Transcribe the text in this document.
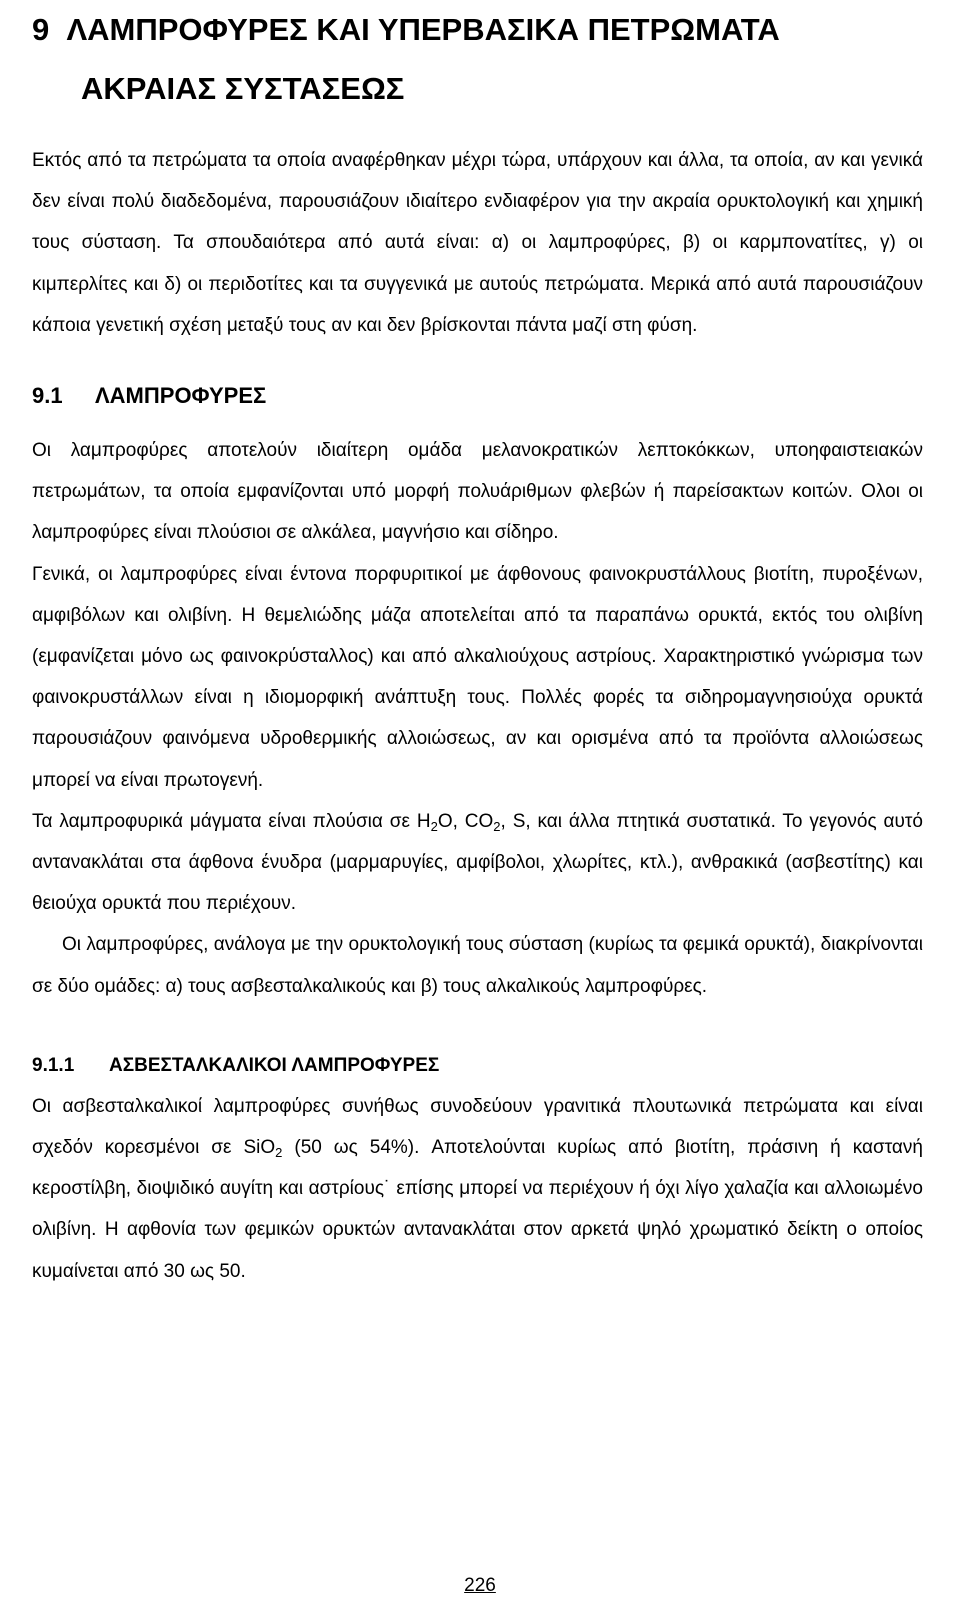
9 ΛΑΜΠΡΟΦΥΡΕΣ ΚΑΙ ΥΠΕΡΒΑΣΙΚΑ ΠΕΤΡΩΜΑΤΑ
ΑΚΡΑΙΑΣ ΣΥΣΤΑΣΕΩΣ

Εκτός από τα πετρώματα τα οποία αναφέρθηκαν μέχρι τώρα, υπάρχουν και άλλα, τα οποία, αν και γενικά δεν είναι πολύ διαδεδομένα, παρουσιάζουν ιδιαίτερο ενδιαφέρον για την ακραία ορυκτολογική και χημική τους σύσταση. Τα σπουδαιότερα από αυτά είναι: α) οι λαμπροφύρες, β) οι καρμπονατίτες, γ) οι κιμπερλίτες και δ) οι περιδοτίτες και τα συγγενικά με αυτούς πετρώματα. Μερικά από αυτά παρουσιάζουν κάποια γενετική σχέση μεταξύ τους αν και δεν βρίσκονται πάντα μαζί στη φύση.

9.1 ΛΑΜΠΡΟΦΥΡΕΣ

Οι λαμπροφύρες αποτελούν ιδιαίτερη ομάδα μελανοκρατικών λεπτοκόκκων, υποηφαιστειακών πετρωμάτων, τα οποία εμφανίζονται υπό μορφή πολυάριθμων φλεβών ή παρείσακτων κοιτών. Ολοι οι λαμπροφύρες είναι πλούσιοι σε αλκάλεα, μαγνήσιο και σίδηρο.

Γενικά, οι λαμπροφύρες είναι έντονα πορφυριτικοί με άφθονους φαινοκρυστάλλους βιοτίτη, πυροξένων, αμφιβόλων και ολιβίνη. Η θεμελιώδης μάζα αποτελείται από τα παραπάνω ορυκτά, εκτός του ολιβίνη (εμφανίζεται μόνο ως φαινοκρύσταλλος) και από αλκαλιούχους αστρίους. Χαρακτηριστικό γνώρισμα των φαινοκρυστάλλων είναι η ιδιομορφική ανάπτυξη τους. Πολλές φορές τα σιδηρομαγνησιούχα ορυκτά παρουσιάζουν φαινόμενα υδροθερμικής αλλοιώσεως, αν και ορισμένα από τα προϊόντα αλλοιώσεως μπορεί να είναι πρωτογενή.

Τα λαμπροφυρικά μάγματα είναι πλούσια σε $H_2O$, $CO_2$, S, και άλλα πτητικά συστατικά. Το γεγονός αυτό αντανακλάται στα άφθονα ένυδρα (μαρμαρυγίες, αμφίβολοι, χλωρίτες, κτλ.), ανθρακικά (ασβεστίτης) και θειούχα ορυκτά που περιέχουν.

Οι λαμπροφύρες, ανάλογα με την ορυκτολογική τους σύσταση (κυρίως τα φεμικά ορυκτά), διακρίνονται σε δύο ομάδες: α) τους ασβεσταλκαλικούς και β) τους αλκαλικούς λαμπροφύρες.

9.1.1 ΑΣΒΕΣΤΑΛΚΑΛΙΚΟΙ ΛΑΜΠΡΟΦΥΡΕΣ

Οι ασβεσταλκαλικοί λαμπροφύρες συνήθως συνοδεύουν γρανιτικά πλουτωνικά πετρώματα και είναι σχεδόν κορεσμένοι σε SiO$_2$ (50 ως 54%). Αποτελούνται κυρίως από βιοτίτη, πράσινη ή καστανή κεροστίλβη, διοψιδικό αυγίτη και αστρίους˙ επίσης μπορεί να περιέχουν ή όχι λίγο χαλαζία και αλλοιωμένο ολιβίνη. Η αφθονία των φεμικών ορυκτών αντανακλάται στον αρκετά ψηλό χρωματικό δείκτη ο οποίος κυμαίνεται από 30 ως 50.

226
